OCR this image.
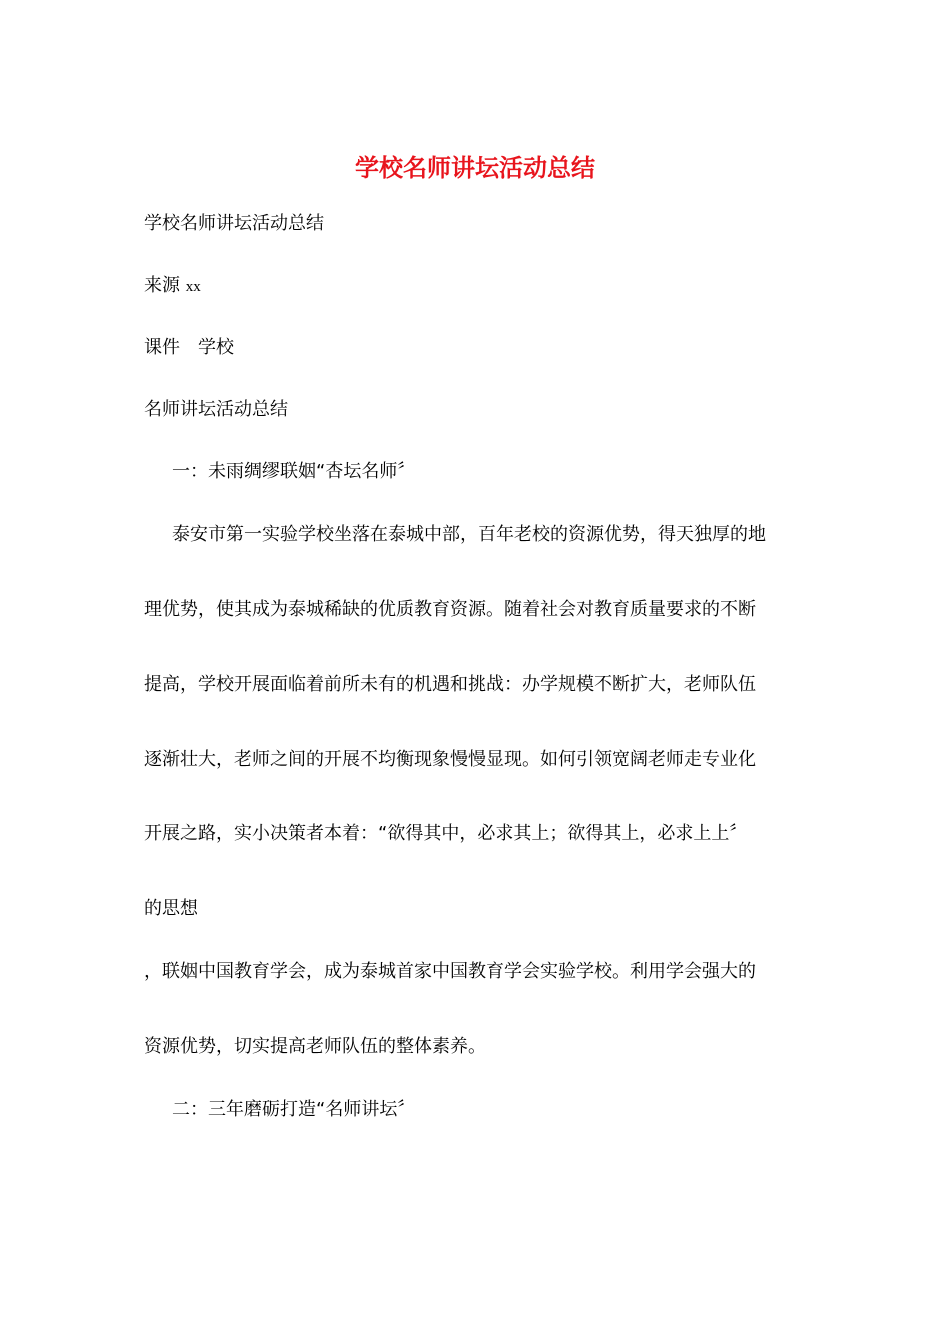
学校名师讲坛活动总结
学校名师讲坛活动总结
来源 xx
课件　学校
名师讲坛活动总结
一：未雨绸缪联姻“杏坛名师〞
泰安市第一实验学校坐落在泰城中部，百年老校的资源优势，得天独厚的地
理优势，使其成为泰城稀缺的优质教育资源。随着社会对教育质量要求的不断
提高，学校开展面临着前所未有的机遇和挑战：办学规模不断扩大，老师队伍
逐渐壮大，老师之间的开展不均衡现象慢慢显现。如何引领宽阔老师走专业化
开展之路，实小决策者本着：“欲得其中，必求其上；欲得其上，必求上上〞
的思想
，联姻中国教育学会，成为泰城首家中国教育学会实验学校。利用学会强大的
资源优势，切实提高老师队伍的整体素养。
二：三年磨砺打造“名师讲坛〞
